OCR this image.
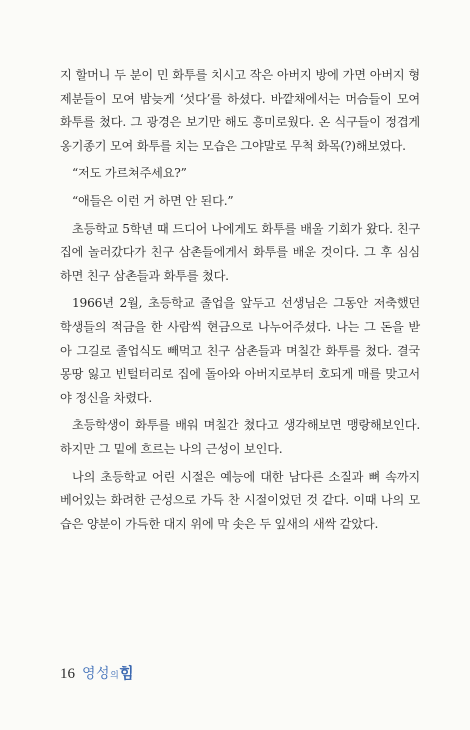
지 할머니 두 분이 민 화투를 치시고 작은 아버지 방에 가면 아버지 형제분들이 모여 밤늦게 ‘섯다’를 하셨다. 바깥채에서는 머슴들이 모여 화투를 쳤다. 그 광경은 보기만 해도 흥미로웠다. 온 식구들이 정겹게 옹기종기 모여 화투를 치는 모습은 그야말로 무척 화목(?)해보였다.

“저도 가르쳐주세요?”

“애들은 이런 거 하면 안 된다.”

초등학교 5학년 때 드디어 나에게도 화투를 배울 기회가 왔다. 친구 집에 놀러갔다가 친구 삼촌들에게서 화투를 배운 것이다. 그 후 심심하면 친구 삼촌들과 화투를 쳤다.

1966년 2월, 초등학교 졸업을 앞두고 선생님은 그동안 저축했던 학생들의 적금을 한 사람씩 현금으로 나누어주셨다. 나는 그 돈을 받아 그길로 졸업식도 빼먹고 친구 삼촌들과 며칠간 화투를 쳤다. 결국 몽땅 잃고 빈털터리로 집에 돌아와 아버지로부터 호되게 매를 맞고서야 정신을 차렸다.

초등학생이 화투를 배워 며칠간 쳤다고 생각해보면 맹랑해보인다. 하지만 그 밑에 흐르는 나의 근성이 보인다.

나의 초등학교 어린 시절은 예능에 대한 남다른 소질과 뼈 속까지 베어있는 화려한 근성으로 가득 찬 시절이었던 것 같다. 이때 나의 모습은 양분이 가득한 대지 위에 막 솟은 두 잎새의 새싹 같았다.

16 영성의힘
